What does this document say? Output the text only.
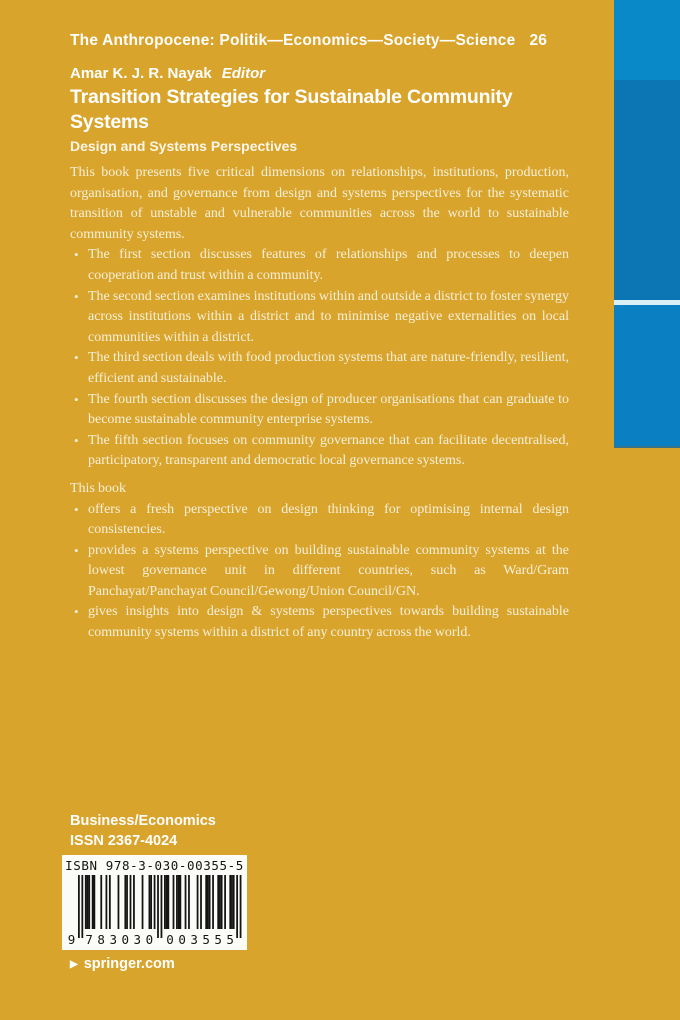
The Anthropocene: Politik—Economics—Society—Science 26
Amar K. J. R. Nayak Editor
Transition Strategies for Sustainable Community Systems
Design and Systems Perspectives

This book presents five critical dimensions on relationships, institutions, production, organisation, and governance from design and systems perspectives for the systematic transition of unstable and vulnerable communities across the world to sustainable community systems.

• The first section discusses features of relationships and processes to deepen cooperation and trust within a community.
• The second section examines institutions within and outside a district to foster synergy across institutions within a district and to minimise negative externalities on local communities within a district.
• The third section deals with food production systems that are nature-friendly, resilient, efficient and sustainable.
• The fourth section discusses the design of producer organisations that can graduate to become sustainable community enterprise systems.
• The fifth section focuses on community governance that can facilitate decentralised, participatory, transparent and democratic local governance systems.

This book

• offers a fresh perspective on design thinking for optimising internal design consistencies.
• provides a systems perspective on building sustainable community systems at the lowest governance unit in different countries, such as Ward/Gram Panchayat/Panchayat Council/Gewong/Union Council/GN.
• gives insights into design & systems perspectives towards building sustainable community systems within a district of any country across the world.
Business/Economics
ISSN 2367-4024
ISBN 978-3-030-00355-5
9 7 8 3 0 3 0 0 0 3 5 5 5
▶ springer.com
